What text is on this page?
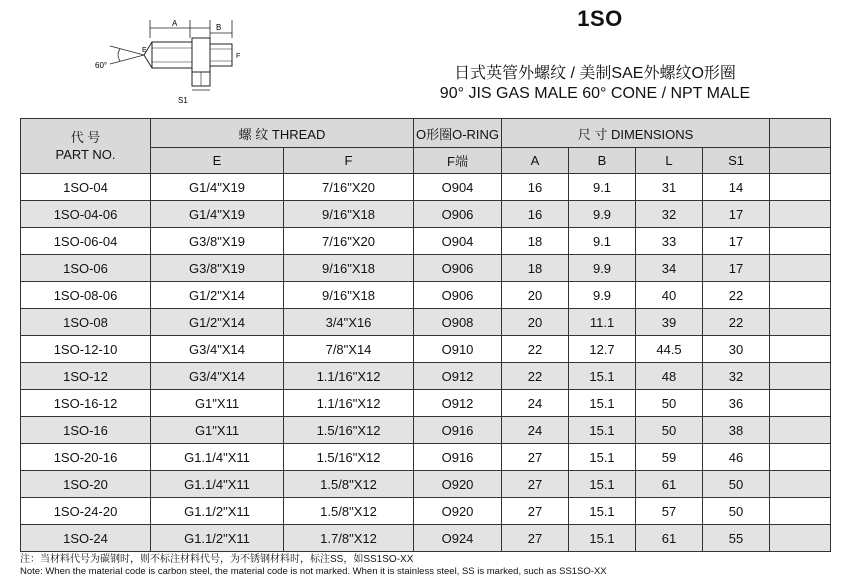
A	B
60°
E
F
S1
1SO
日式英管外螺纹 / 美制SAE外螺纹O形圈
90° JIS GAS MALE 60° CONE / NPT MALE
代 号
PART NO.	螺 纹 THREAD		O形圈O-RING	尺 寸 DIMENSIONS				
	E	F	F端	A	B	L	S1	
1SO-04	G1/4"X19	7/16"X20	O904	16	9.1	31	14	
1SO-04-06	G1/4"X19	9/16"X18	O906	16	9.9	32	17	
1SO-06-04	G3/8"X19	7/16"X20	O904	18	9.1	33	17	
1SO-06	G3/8"X19	9/16"X18	O906	18	9.9	34	17	
1SO-08-06	G1/2"X14	9/16"X18	O906	20	9.9	40	22	
1SO-08	G1/2"X14	3/4"X16	O908	20	11.1	39	22	
1SO-12-10	G3/4"X14	7/8"X14	O910	22	12.7	44.5	30	
1SO-12	G3/4"X14	1.1/16"X12	O912	22	15.1	48	32	
1SO-16-12	G1"X11	1.1/16"X12	O912	24	15.1	50	36	
1SO-16	G1"X11	1.5/16"X12	O916	24	15.1	50	38	
1SO-20-16	G1.1/4"X11	1.5/16"X12	O916	27	15.1	59	46	
1SO-20	G1.1/4"X11	1.5/8"X12	O920	27	15.1	61	50	
1SO-24-20	G1.1/2"X11	1.5/8"X12	O920	27	15.1	57	50	
1SO-24	G1.1/2"X11	1.7/8"X12	O924	27	15.1	61	55	
注：当材料代号为碳钢时，则不标注材料代号，为不锈钢材料时，标注SS，如SS1SO-XX
Note: When the material code is carbon steel, the material code is not marked. When it is stainless steel, SS is marked, such as SS1SO-XX
